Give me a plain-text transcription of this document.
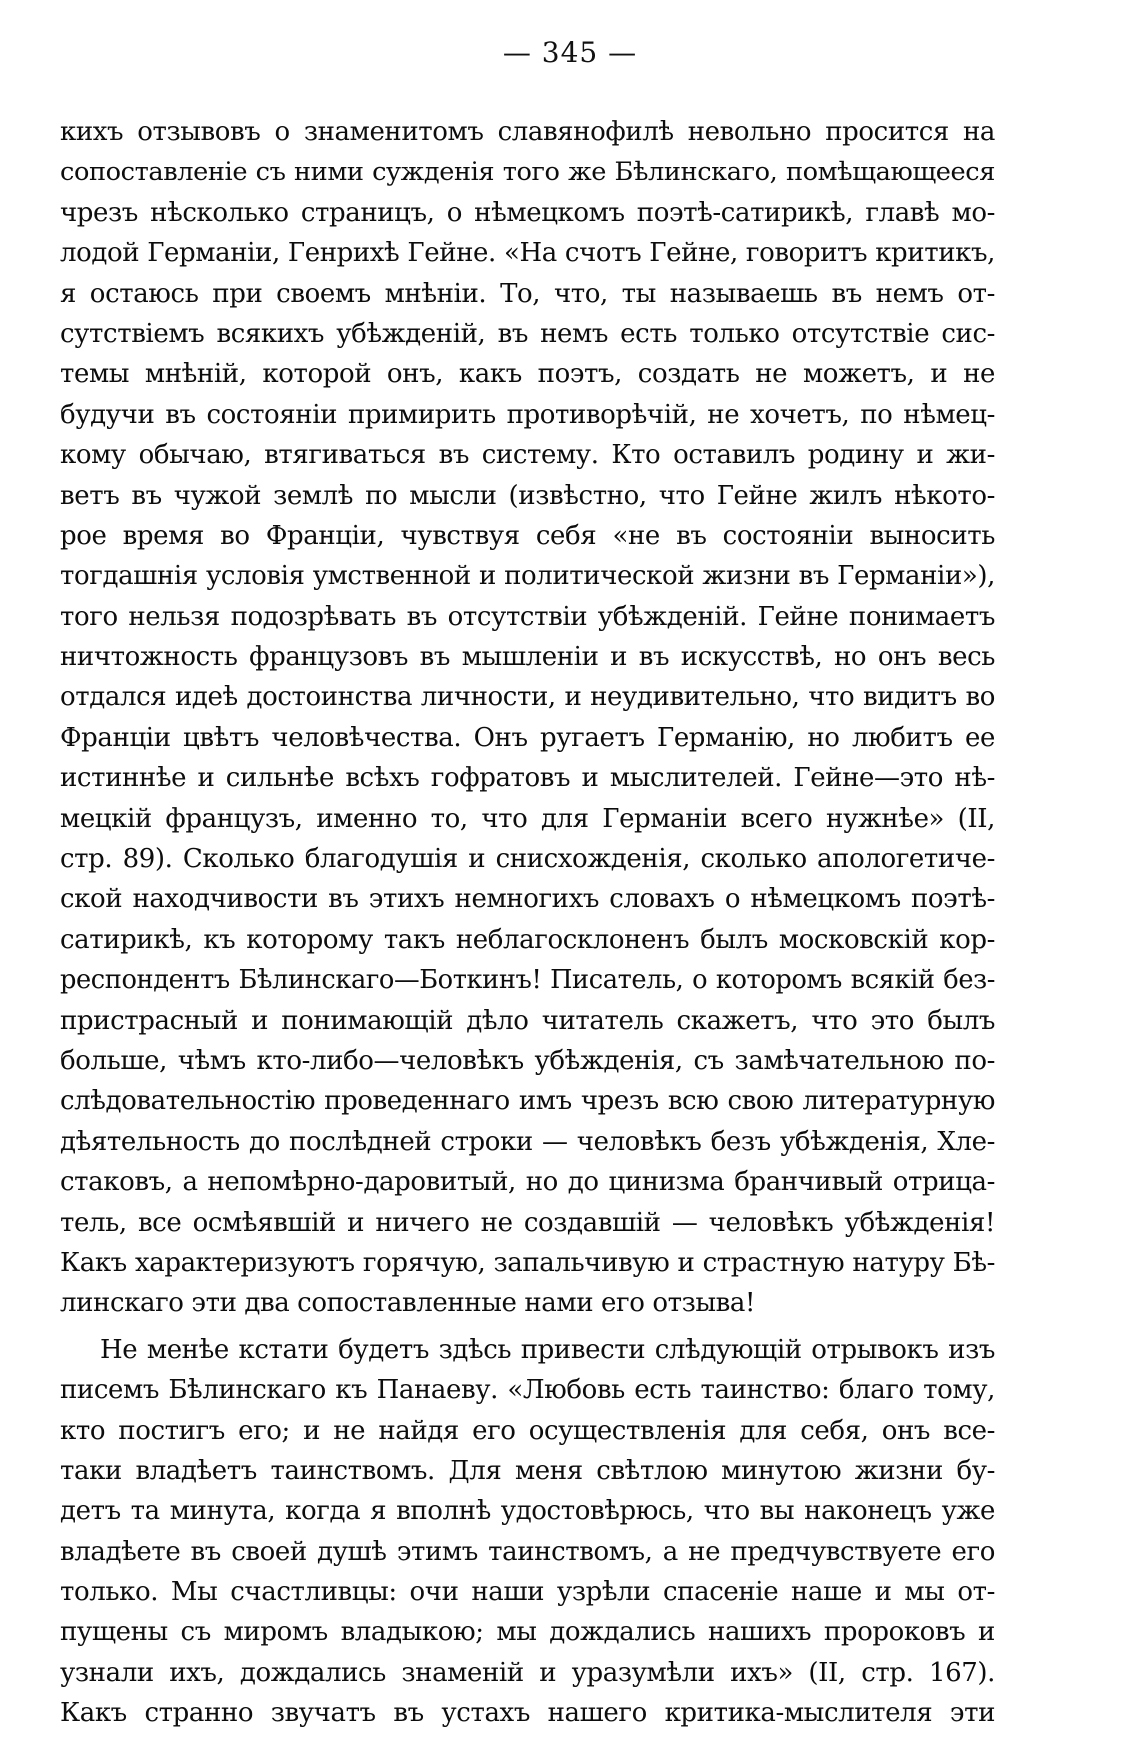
— 345 —
кихъ отзывовъ о знаменитомъ славянофилѣ невольно просится на
сопоставленіе съ ними сужденія того же Бѣлинскаго, помѣщающееся
чрезъ нѣсколько страницъ, о нѣмецкомъ поэтѣ-сатирикѣ, главѣ мо-
лодой Германіи, Генрихѣ Гейне. «На счотъ Гейне, говоритъ критикъ,
я остаюсь при своемъ мнѣніи. То, что, ты называешь въ немъ от-
сутствіемъ всякихъ убѣжденій, въ немъ есть только отсутствіе сис-
темы мнѣній, которой онъ, какъ поэтъ, создать не можетъ, и не
будучи въ состояніи примирить противорѣчій, не хочетъ, по нѣмец-
кому обычаю, втягиваться въ систему. Кто оставилъ родину и жи-
ветъ въ чужой землѣ по мысли (извѣстно, что Гейне жилъ нѣкото-
рое время во Франціи, чувствуя себя «не въ состояніи выносить
тогдашнія условія умственной и политической жизни въ Германіи»),
того нельзя подозрѣвать въ отсутствіи убѣжденій. Гейне понимаетъ
ничтожность французовъ въ мышленіи и въ искусствѣ, но онъ весь
отдался идеѣ достоинства личности, и неудивительно, что видитъ во
Франціи цвѣтъ человѣчества. Онъ ругаетъ Германію, но любитъ ее
истиннѣе и сильнѣе всѣхъ гофратовъ и мыслителей. Гейне—это нѣ-
мецкій французъ, именно то, что для Германіи всего нужнѣе» (II,
стр. 89). Сколько благодушія и снисхожденія, сколько апологетиче-
ской находчивости въ этихъ немногихъ словахъ о нѣмецкомъ поэтѣ-
сатирикѣ, къ которому такъ неблагосклоненъ былъ московскій кор-
респондентъ Бѣлинскаго—Боткинъ! Писатель, о которомъ всякій без-
пристрасный и понимающій дѣло читатель скажетъ, что это былъ
больше, чѣмъ кто-либо—человѣкъ убѣжденія, съ замѣчательною по-
слѣдовательностію проведеннаго имъ чрезъ всю свою литературную
дѣятельность до послѣдней строки — человѣкъ безъ убѣжденія, Хле-
стаковъ, а непомѣрно-даровитый, но до цинизма бранчивый отрица-
тель, все осмѣявшій и ничего не создавшій — человѣкъ убѣжденія!
Какъ характеризуютъ горячую, запальчивую и страстную натуру Бѣ-
линскаго эти два сопоставленные нами его отзыва!
Не менѣе кстати будетъ здѣсь привести слѣдующій отрывокъ изъ
писемъ Бѣлинскаго къ Панаеву. «Любовь есть таинство: благо тому,
кто постигъ его; и не найдя его осуществленія для себя, онъ все-
таки владѣетъ таинствомъ. Для меня свѣтлою минутою жизни бу-
детъ та минута, когда я вполнѣ удостовѣрюсь, что вы наконецъ уже
владѣете въ своей душѣ этимъ таинствомъ, а не предчувствуете его
только. Мы счастливцы: очи наши узрѣли спасеніе наше и мы от-
пущены съ миромъ владыкою; мы дождались нашихъ пророковъ и
узнали ихъ, дождались знаменій и уразумѣли ихъ» (II, стр. 167).
Какъ странно звучатъ въ устахъ нашего критика-мыслителя эти
